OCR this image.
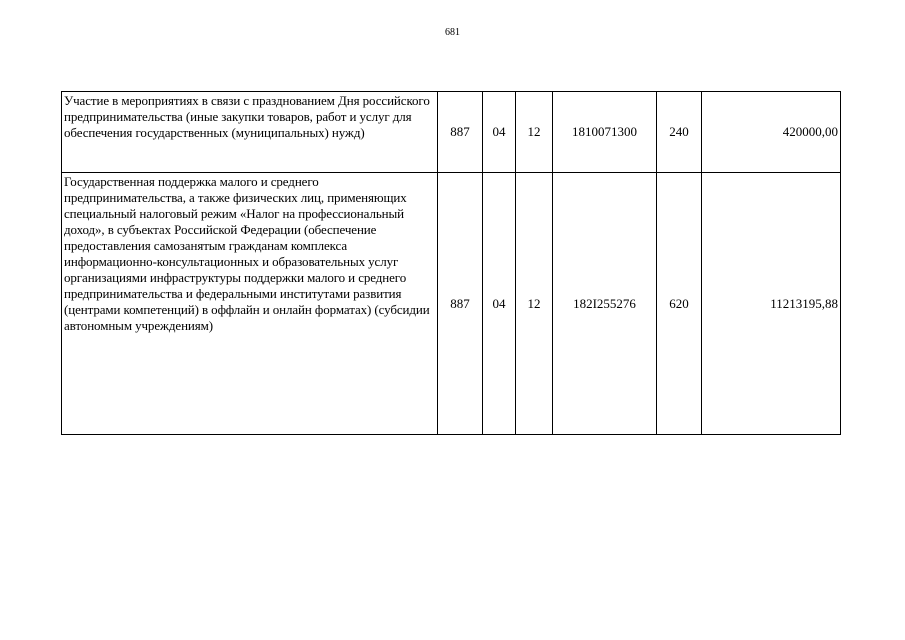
681
Участие в мероприятиях в связи с празднованием Дня российского предпринимательства (иные закупки товаров, работ и услуг для обеспечения государственных (муниципальных) нужд)	887	04	12	1810071300	240	420000,00
Государственная поддержка малого и среднего предпринимательства, а также физических лиц, применяющих специальный налоговый режим «Налог на профессиональный доход», в субъектах Российской Федерации (обеспечение предоставления самозанятым гражданам комплекса информационно-консультационных и образовательных услуг организациями инфраструктуры поддержки малого и среднего предпринимательства и федеральными институтами развития (центрами компетенций) в оффлайн и онлайн форматах) (субсидии автономным учреждениям)	887	04	12	182I255276	620	11213195,88
